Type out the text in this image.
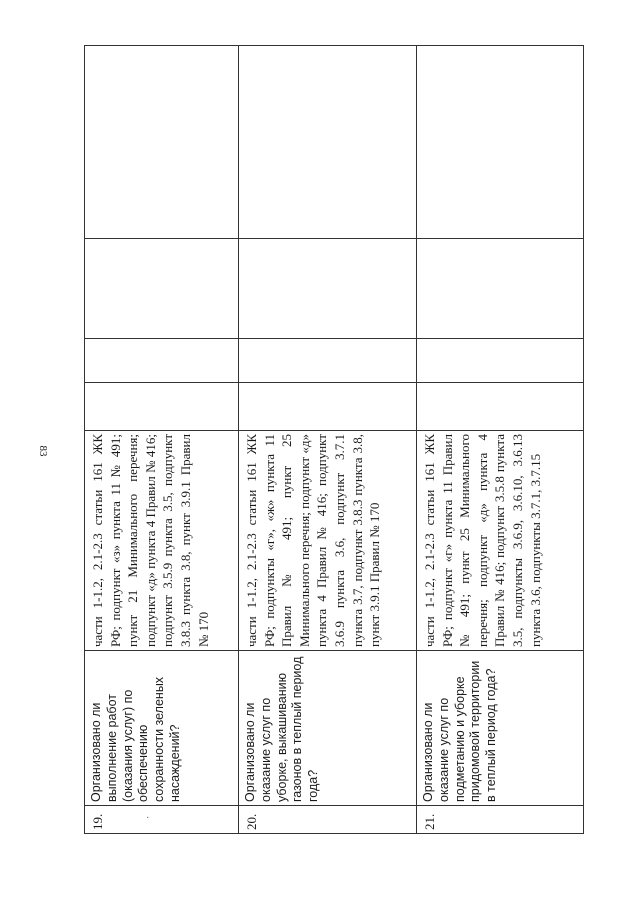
83
19.	Организовано ли выполнение работ (оказания услуг) по обеспечению сохранности зеленых насаждений?	части 1-1.2, 2.1-2.3 статьи 161 ЖК РФ; подпункт «з» пункта 11 № 491; пункт 21 Минимального перечня; подпункт «д» пункта 4 Правил № 416; подпункт 3.5.9 пункта 3.5, подпункт 3.8.3 пункта 3.8, пункт 3.9.1 Правил № 170				
20.	Организовано ли оказание услуг по уборке, выкашиванию газонов в теплый период года?	части 1-1.2, 2.1-2.3 статьи 161 ЖК РФ; подпункты «г», «ж» пункта 11 Правил № 491; пункт 25 Минимального перечня; подпункт «д» пункта 4 Правил № 416; подпункт 3.6.9 пункта 3.6, подпункт 3.7.1 пункта 3.7, подпункт 3.8.3 пункта 3.8, пункт 3.9.1 Правил № 170				
21.	Организовано ли оказание услуг по подметанию и уборке придомовой территории в теплый период года?	части 1-1.2, 2.1-2.3 статьи 161 ЖК РФ; подпункт «г» пункта 11 Правил № 491; пункт 25 Минимального перечня; подпункт «д» пункта 4 Правил № 416; подпункт 3.5.8 пункта 3.5, подпункты 3.6.9, 3.6.10, 3.6.13 пункта 3.6, подпункты 3.7.1, 3.7.15				
·
